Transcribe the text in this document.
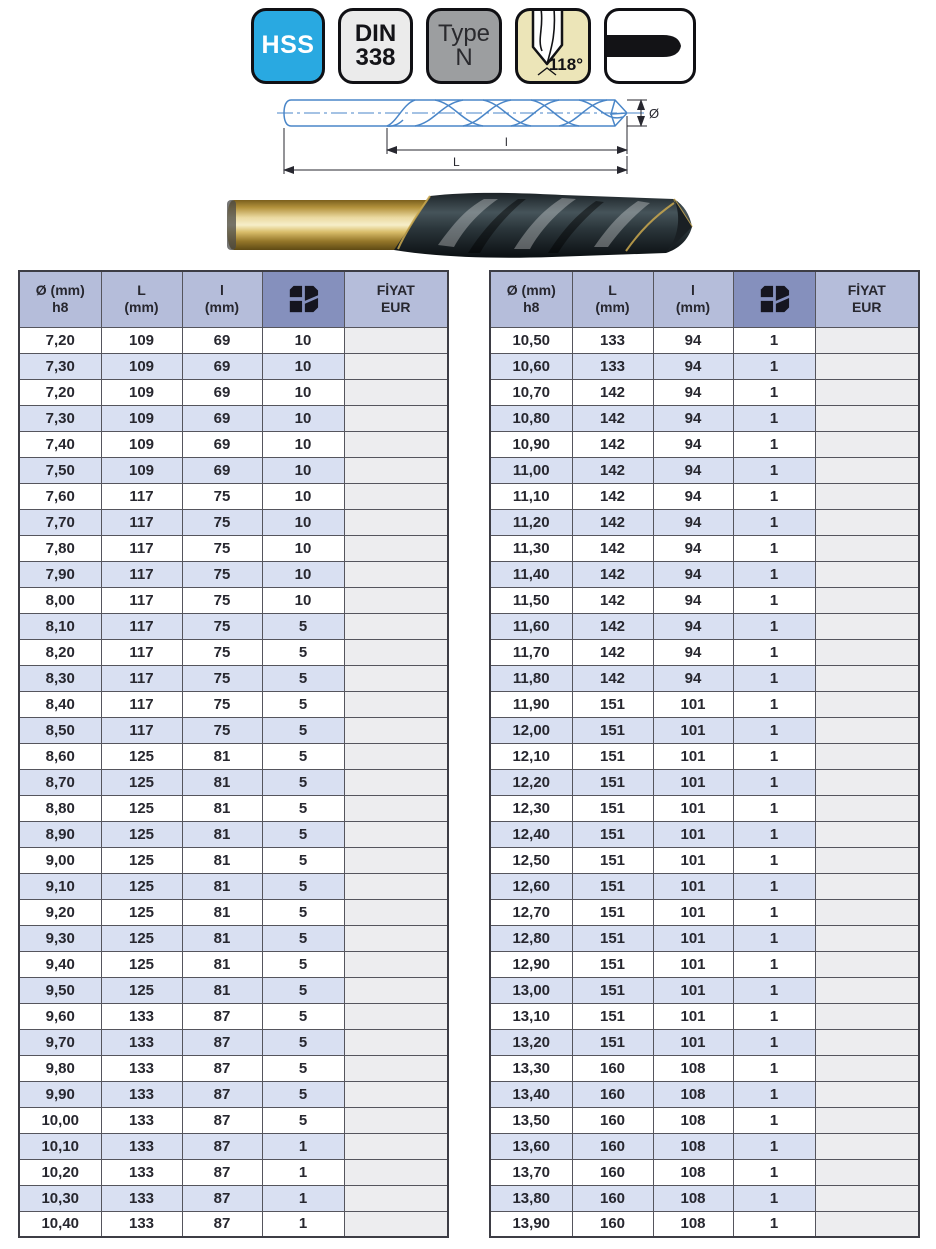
HSS DIN
338
Type
N	118°
Ø
l
L
Ø (mm)
h8

L
(mm)

l
(mm)

FİYAT
EUR

7,20	109	69	10	
7,30	109	69	10	
7,20	109	69	10	
7,30	109	69	10	
7,40	109	69	10	
7,50	109	69	10	
7,60	117	75	10	
7,70	117	75	10	
7,80	117	75	10	
7,90	117	75	10	
8,00	117	75	10	
8,10	117	75	5	
8,20	117	75	5	
8,30	117	75	5	
8,40	117	75	5	
8,50	117	75	5	
8,60	125	81	5	
8,70	125	81	5	
8,80	125	81	5	
8,90	125	81	5	
9,00	125	81	5	
9,10	125	81	5	
9,20	125	81	5	
9,30	125	81	5	
9,40	125	81	5	
9,50	125	81	5	
9,60	133	87	5	
9,70	133	87	5	
9,80	133	87	5	
9,90	133	87	5	
10,00	133	87	5	
10,10	133	87	1	
10,20	133	87	1	
10,30	133	87	1	
10,40	133	87	1	
Ø (mm)
h8

L
(mm)

l
(mm)

FİYAT
EUR

10,50	133	94	1	
10,60	133	94	1	
10,70	142	94	1	
10,80	142	94	1	
10,90	142	94	1	
11,00	142	94	1	
11,10	142	94	1	
11,20	142	94	1	
11,30	142	94	1	
11,40	142	94	1	
11,50	142	94	1	
11,60	142	94	1	
11,70	142	94	1	
11,80	142	94	1	
11,90	151	101	1	
12,00	151	101	1	
12,10	151	101	1	
12,20	151	101	1	
12,30	151	101	1	
12,40	151	101	1	
12,50	151	101	1	
12,60	151	101	1	
12,70	151	101	1	
12,80	151	101	1	
12,90	151	101	1	
13,00	151	101	1	
13,10	151	101	1	
13,20	151	101	1	
13,30	160	108	1	
13,40	160	108	1	
13,50	160	108	1	
13,60	160	108	1	
13,70	160	108	1	
13,80	160	108	1	
13,90	160	108	1	
